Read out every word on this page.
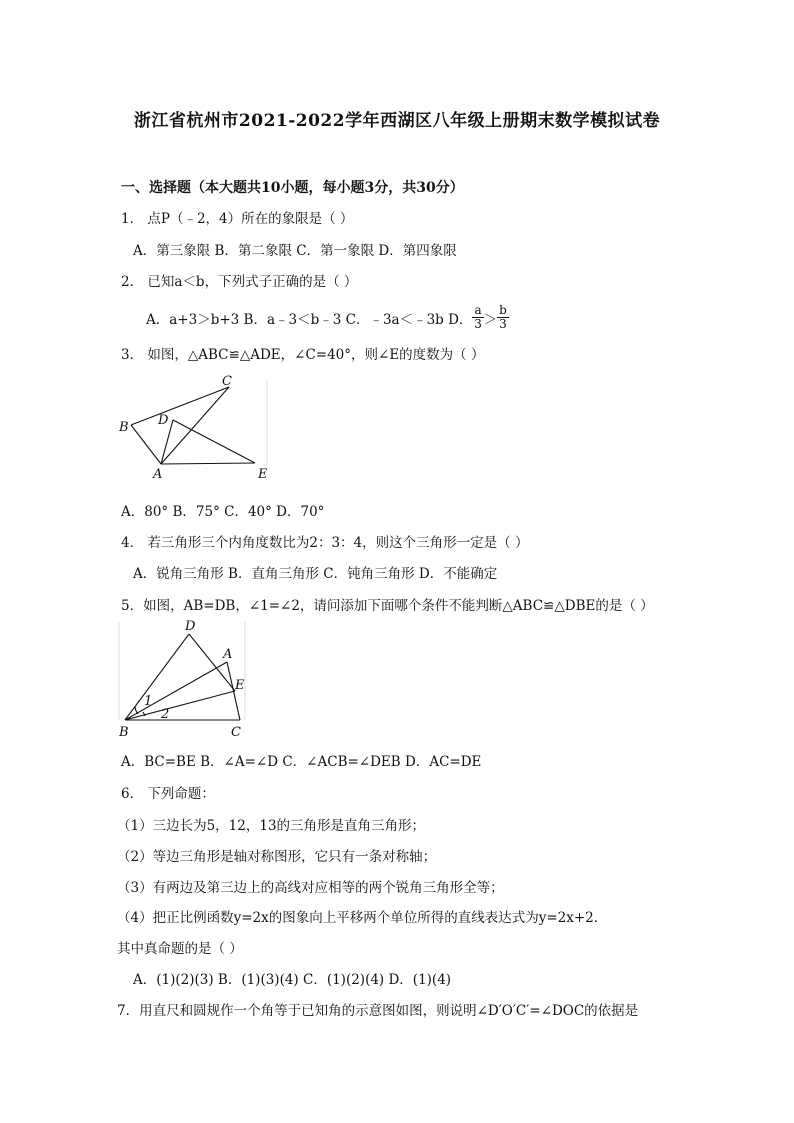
浙江省杭州市2021-2022学年西湖区八年级上册期末数学模拟试卷
一、选择题（本大题共10小题，每小题3分，共30分）
1． 点P（﹣2，4）所在的象限是（ ）
A．第三象限 B．第二象限 C．第一象限 D．第四象限
2． 已知a＜b，下列式子正确的是（ ）
A．a+3＞b+3 B．a﹣3＜b﹣3 C．﹣3a＜﹣3b D． $\frac{a}{3} > \frac{b}{3}$
3． 如图，△ABC≌△ADE，∠C=40°，则∠E的度数为（ ）
C
B D
A	E
A．80° B．75° C．40° D．70°
4． 若三角形三个内角度数比为2：3：4，则这个三角形一定是（ ）
A．锐角三角形 B．直角三角形 C．钝角三角形 D．不能确定
5．如图，AB=DB，∠1=∠2，请问添加下面哪个条件不能判断△ABC≌△DBE的是（ ）
D
A
E
1
2
B	C
A．BC=BE B．∠A=∠D C．∠ACB=∠DEB D．AC=DE
6． 下列命题：
（1）三边长为5，12，13的三角形是直角三角形；
（2）等边三角形是轴对称图形，它只有一条对称轴；
（3）有两边及第三边上的高线对应相等的两个锐角三角形全等；
（4）把正比例函数y=2x的图象向上平移两个单位所得的直线表达式为y=2x+2．
其中真命题的是（ ）
A．(1)(2)(3) B．(1)(3)(4) C．(1)(2)(4) D．(1)(4)
7．用直尺和圆规作一个角等于已知角的示意图如图，则说明∠D′O′C′=∠DOC的依据是
